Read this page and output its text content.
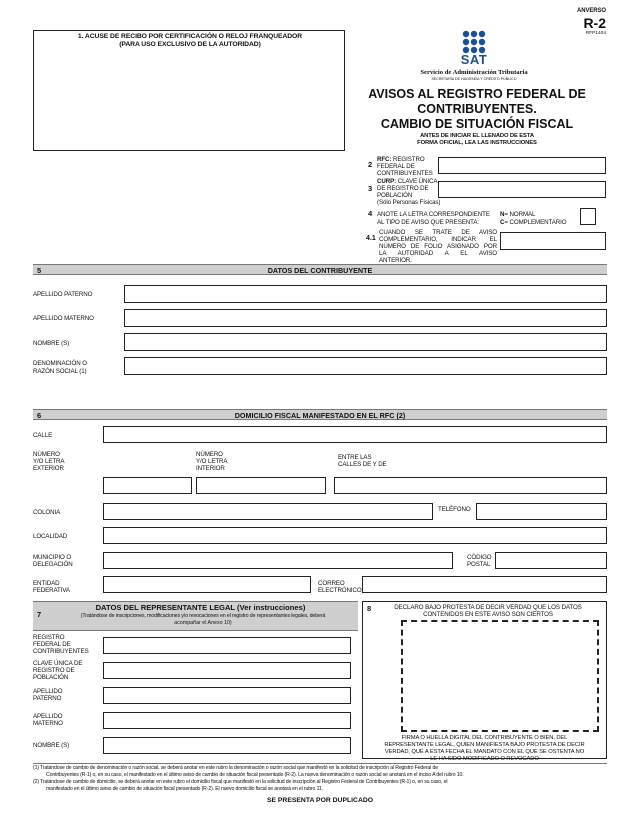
1. ACUSE DE RECIBO POR CERTIFICACIÓN O RELOJ FRANQUEADOR
(PARA USO EXCLUSIVO DE LA AUTORIDAD)
ANVERSO
R-2
RFP1404
SAT
Servicio de Administración Tributaria
SECRETARÍA DE HACIENDA Y CRÉDITO PÚBLICO
AVISOS AL REGISTRO FEDERAL DE
CONTRIBUYENTES.
CAMBIO DE SITUACIÓN FISCAL
ANTES DE INICIAR EL LLENADO DE ESTA
FORMA OFICIAL, LEA LAS INSTRUCCIONES
2
RFC: REGISTRO
FEDERAL DE
CONTRIBUYENTES
3
CURP: CLAVE ÚNICA
DE REGISTRO DE
POBLACIÓN
(Sólo Personas Físicas)
4 ANOTE LA LETRA CORRESPONDIENTE
AL TIPO DE AVISO QUE PRESENTA:
N= NORMAL
C= COMPLEMENTARIO
4.1
CUANDO SE TRATE DE AVISO
COMPLEMENTARIO, INDICAR EL
NÚMERO DE FOLIO ASIGNADO POR
LA AUTORIDAD A EL AVISO
ANTERIOR.
5	DATOS DEL CONTRIBUYENTE
APELLIDO PATERNO
APELLIDO MATERNO
NOMBRE (S)
DENOMINACIÓN O
RAZÓN SOCIAL (1)
6	DOMICILIO FISCAL MANIFESTADO EN EL RFC (2)
CALLE
NÚMERO
Y/O LETRA
EXTERIOR
NÚMERO
Y/O LETRA
INTERIOR
ENTRE LAS
CALLES DE Y DE
COLONIA	TELÉFONO
LOCALIDAD
MUNICIPIO O
DELEGACIÓN
CÓDIGO
POSTAL
ENTIDAD
FEDERATIVA
CORREO
ELECTRÓNICO
7
DATOS DEL REPRESENTANTE LEGAL (Ver instrucciones)
(Tratándose de inscripciones, modificaciones y/o revocaciones en el registro de representantes legales, deberá
acompañar el Anexo 10)
REGISTRO
FEDERAL DE
CONTRIBUYENTES
CLAVE ÚNICA DE
REGISTRO DE
POBLACIÓN
APELLIDO
PATERNO
APELLIDO
MATERNO
NOMBRE (S)
8	DECLARO BAJO PROTESTA DE DECIR VERDAD QUE LOS DATOS
CONTENIDOS EN ESTE AVISO SON CIERTOS
FIRMA O HUELLA DIGITAL DEL CONTRIBUYENTE O BIEN, DEL
REPRESENTANTE LEGAL, QUIEN MANIFIESTA BAJO PROTESTA DE DECIR
VERDAD, QUE A ESTA FECHA EL MANDATO CON EL QUE SE OSTENTA NO
LE HA SIDO MODIFICADO O REVOCADO
(1) Tratándose de cambio de denominación o razón social, se deberá anotar en este rubro la denominación o razón social que manifestó en la solicitud de inscripción al Registro Federal de
Contribuyentes (R-1) o, en su caso, el manifestado en el último aviso de cambio de situación fiscal presentado (R-2). La nueva denominación o razón social se anotará en el inciso A del rubro 10.
(2) Tratándose de cambio de domicilio, se deberá anotar en este rubro el domicilio fiscal que manifestó en la solicitud de inscripción al Registro Federal de Contribuyentes (R-1) o, en su caso, el
manifestado en el último aviso de cambio de situación fiscal presentado (R-2). El nuevo domicilio fiscal se anotará en el rubro 11.
SE PRESENTA POR DUPLICADO
